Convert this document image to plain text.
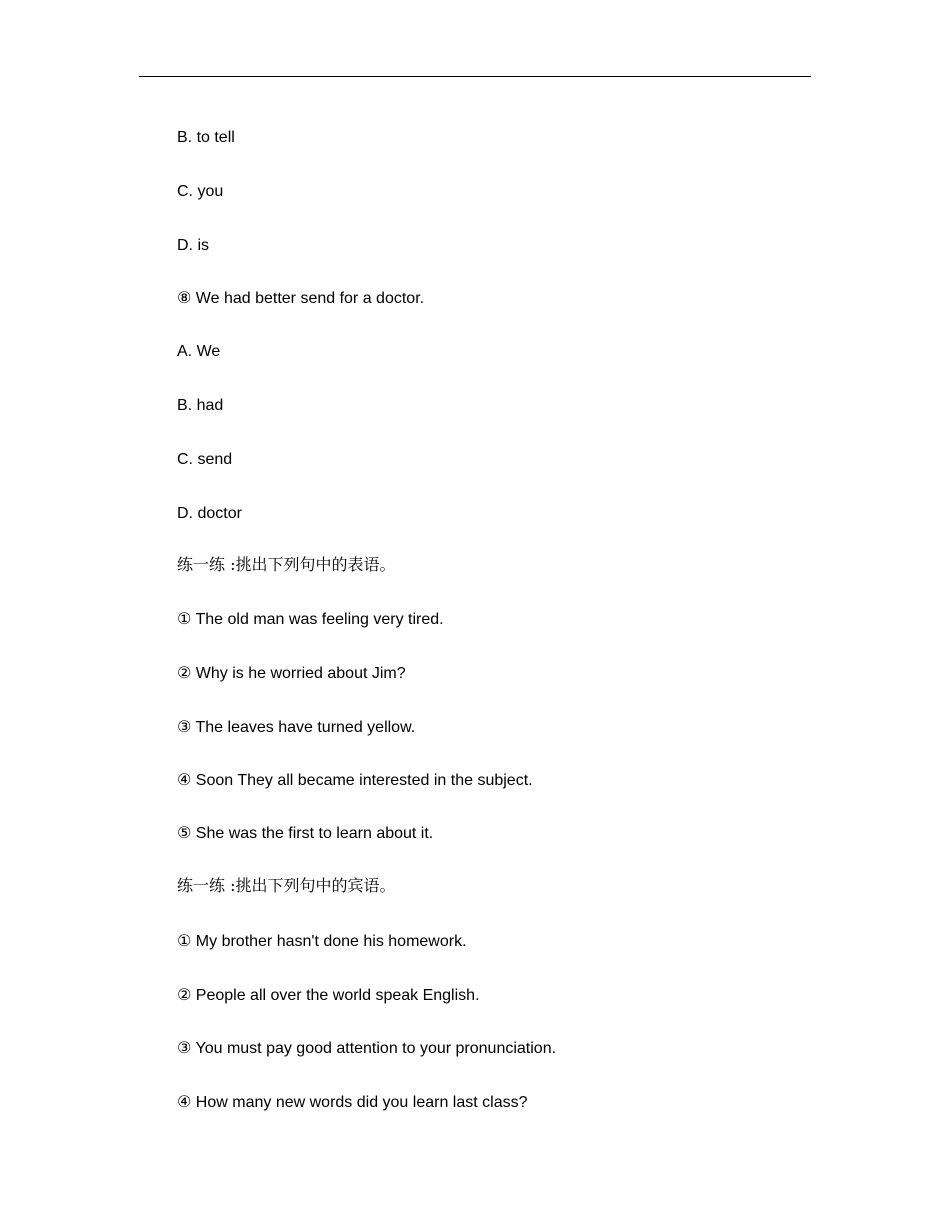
B. to tell
C. you
D. is
⑧ We had better send for a doctor.
A. We
B. had
C. send
D. doctor
练一练 :挑出下列句中的表语。
① The old man was feeling very tired.
② Why is he worried about Jim?
③ The leaves have turned yellow.
④ Soon They all became interested in the subject.
⑤ She was the first to learn about it.
练一练 :挑出下列句中的宾语。
① My brother hasn't done his homework.
② People all over the world speak English.
③ You must pay good attention to your pronunciation.
④ How many new words did you learn last class?
